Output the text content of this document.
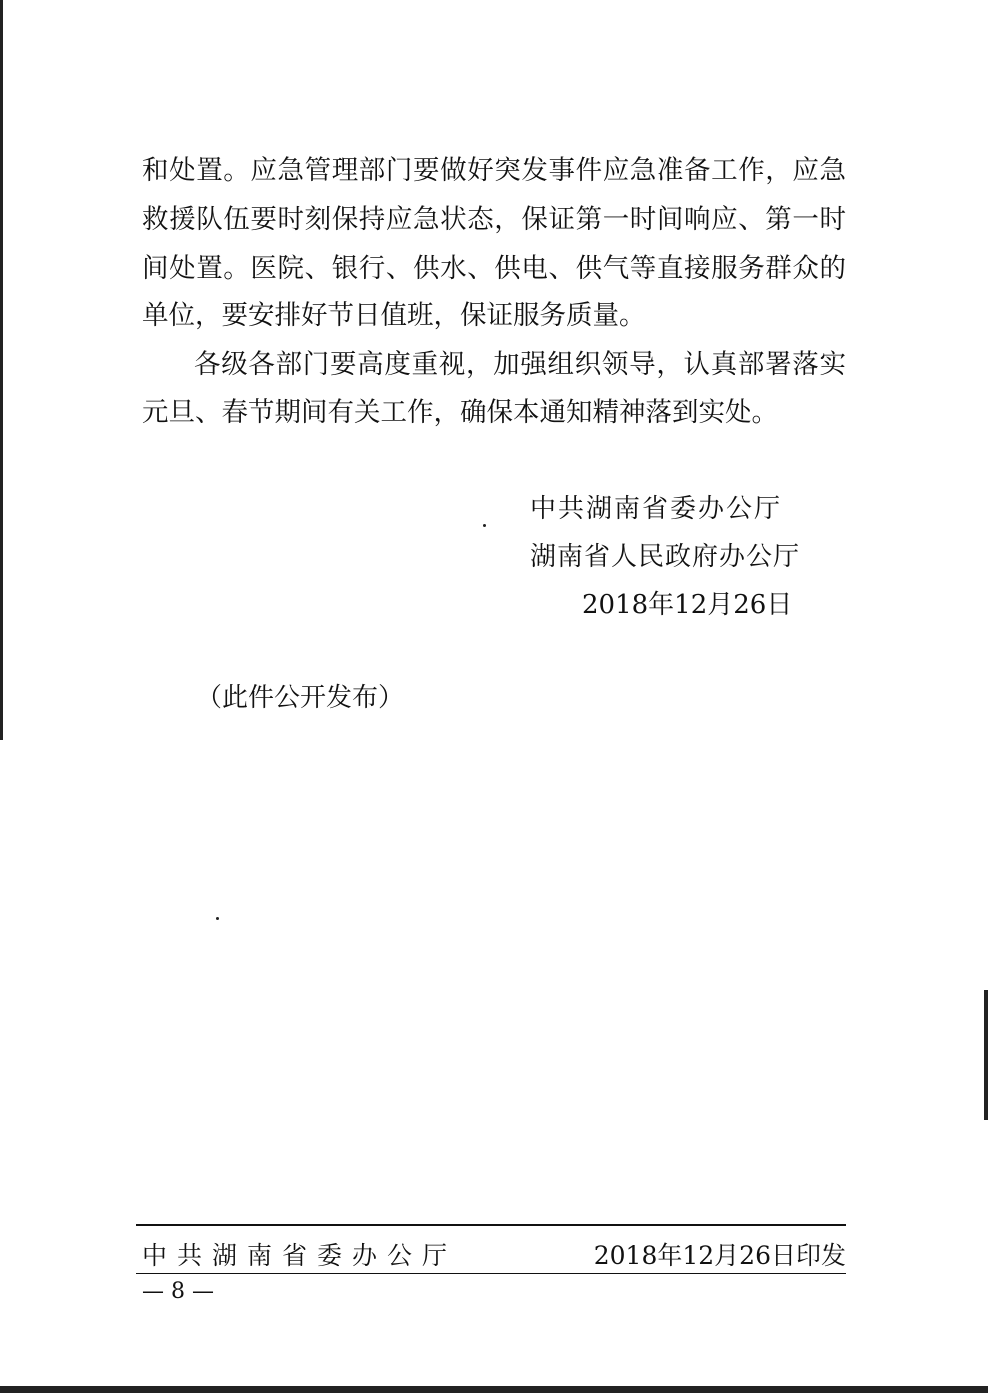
和处置。应急管理部门要做好突发事件应急准备工作，应急
救援队伍要时刻保持应急状态，保证第一时间响应、第一时
间处置。医院、银行、供水、供电、供气等直接服务群众的
单位，要安排好节日值班，保证服务质量。
各级各部门要高度重视，加强组织领导，认真部署落实
元旦、春节期间有关工作，确保本通知精神落到实处。
中共湖南省委办公厅
湖南省人民政府办公厅
2018年12月26日
（此件公开发布）
中共湖南省委办公厅	2018年12月26日印发
— 8 —
